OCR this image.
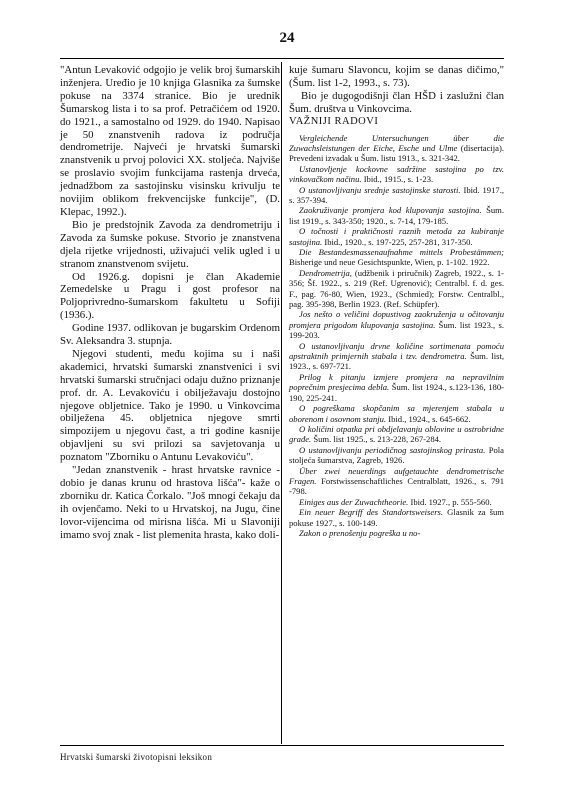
24

"Antun Levaković odgojio je velik broj šumarskih inženjera. Uređio je 10 knjiga Glasnika za šumske pokuse na 3374 stranice. Bio je urednik Šumarskog lista i to sa prof. Petračićem od 1920. do 1921., a samostalno od 1929. do 1940. Napisao je 50 znanstvenih radova iz područja dendrometrije. Najveći je hrvatski šumarski znanstvenik u prvoj polovici XX. stoljeća. Najviše se proslavio svojim funkcijama rastenja drveća, jednadžbom za sastojinsku visinsku krivulju te novijim oblikom frekvencijske funkcije", (D. Klepac, 1992.).

Bio je predstojnik Zavoda za dendrometriju i Zavoda za šumske pokuse. Stvorio je znanstvena djela rijetke vrijednosti, uživajući velik ugled i u stranom znanstvenom svijetu.

Od 1926.g. dopisni je član Akademie Zemedelske u Pragu i gost profesor na Poljoprivredno-šumarskom fakultetu u Sofiji (1936.).

Godine 1937. odlikovan je bugarskim Ordenom Sv. Aleksandra 3. stupnja.

Njegovi studenti, među kojima su i naši akademici, hrvatski šumarski znanstvenici i svi hrvatski šumarski stručnjaci odaju dužno priznanje prof. dr. A. Levakoviću i obilježavaju dostojno njegove obljetnice. Tako je 1990. u Vinkovcima obilježena 45. obljetnica njegove smrti simpozijem u njegovu čast, a tri godine kasnije objavljeni su svi prilozi sa savjetovanja u poznatom "Zborniku o Antunu Levakoviću".

"Jedan znanstvenik - hrast hrvatske ravnice - dobio je danas krunu od hrastova lišća"- kaže o zborniku dr. Katica Čorkalo. "Još mnogi čekaju da ih ovjenčamo. Neki to u Hrvatskoj, na Jugu, čine lovor-vijencima od mirisna lišća. Mi u Slavoniji imamo svoj znak - list plemenita hrasta, kako doli-

kuje šumaru Slavoncu, kojim se danas dičimo," (Šum. list 1-2, 1993., s. 73).

Bio je dugogodišnji član HŠD i zaslužni član Šum. društva u Vinkovcima.

VAŽNIJI RADOVI

Vergleichende Untersuchungen über die Zuwachsleistungen der Eiche, Esche und Ulme (disertacija). Prevedeni izvadak u Šum. listu 1913., s. 321-342.

Ustanovljenje kockovne sadržine sastojina po tzv. vinkovačkom načinu. Ibid., 1915., s. 1-23.

O ustanovljivanju srednje sastojinske starosti. Ibid. 1917., s. 357-394.

Zaokruživanje promjera kod klupovanja sastojina. Šum. list 1919., s. 343-350; 1920., s. 7-14, 179-185.

O točnosti i praktičnosti raznih metoda za kubiranje sastojina. Ibid., 1920., s. 197-225, 257-281, 317-350.

Die Bestandesmassenaufnahme mittels Probestämmen; Bisherige und neue Gesichtspunkte, Wien, p. 1-102. 1922.

Dendrometrija, (udžbenik i priručnik) Zagreb, 1922., s. 1-356; Šf. 1922., s. 219 (Ref. Ugrenović); Centralbl. f. d. ges. F., pag. 76-80, Wien, 1923., (Schmied); Forstw. Centralbl., pag. 395-398, Berlin 1923. (Ref. Schüpfer).

Jos nešto o veličini dopustivog zaokruženja u očitovanju promjera prigodom klupovanja sastojina. Šum. list 1923., s. 199-203.

O ustanovljivanju drvne količine sortimenata pomoću apstraktnih primjernih stabala i tzv. dendrometra. Šum. list, 1923., s. 697-721.

Prilog k pitanju izmjere promjera na nepravilnim poprečnim presjecima debla. Šum. list 1924., s.123-136, 180-190, 225-241.

O pogreškama skopčanim sa mjerenjem stabala u oborenom i osovnom stanju. Ibid., 1924., s. 645-662.

O količini otpatka pri obdjelavanju oblovine u ostrobridne građe. Šum. list 1925., s. 213-228, 267-284.

O ustanovljivanju periodičnog sastojinskog prirasta. Pola stoljeća šumarstva, Zagreb, 1926.

Über zwei neuerdings aufgetauchte dendrometrische Fragen. Forstwissenschaftliches Centralblatt, 1926., s. 791 -798.

Einiges aus der Zuwachtheorie. Ibid. 1927., p. 555-560.

Ein neuer Begriff des Standortsweisers. Glasnik za šum pokuse 1927., s. 100-149.

Zakon o prenošenju pogreška u no-

Hrvatski šumarski životopisni leksikon
